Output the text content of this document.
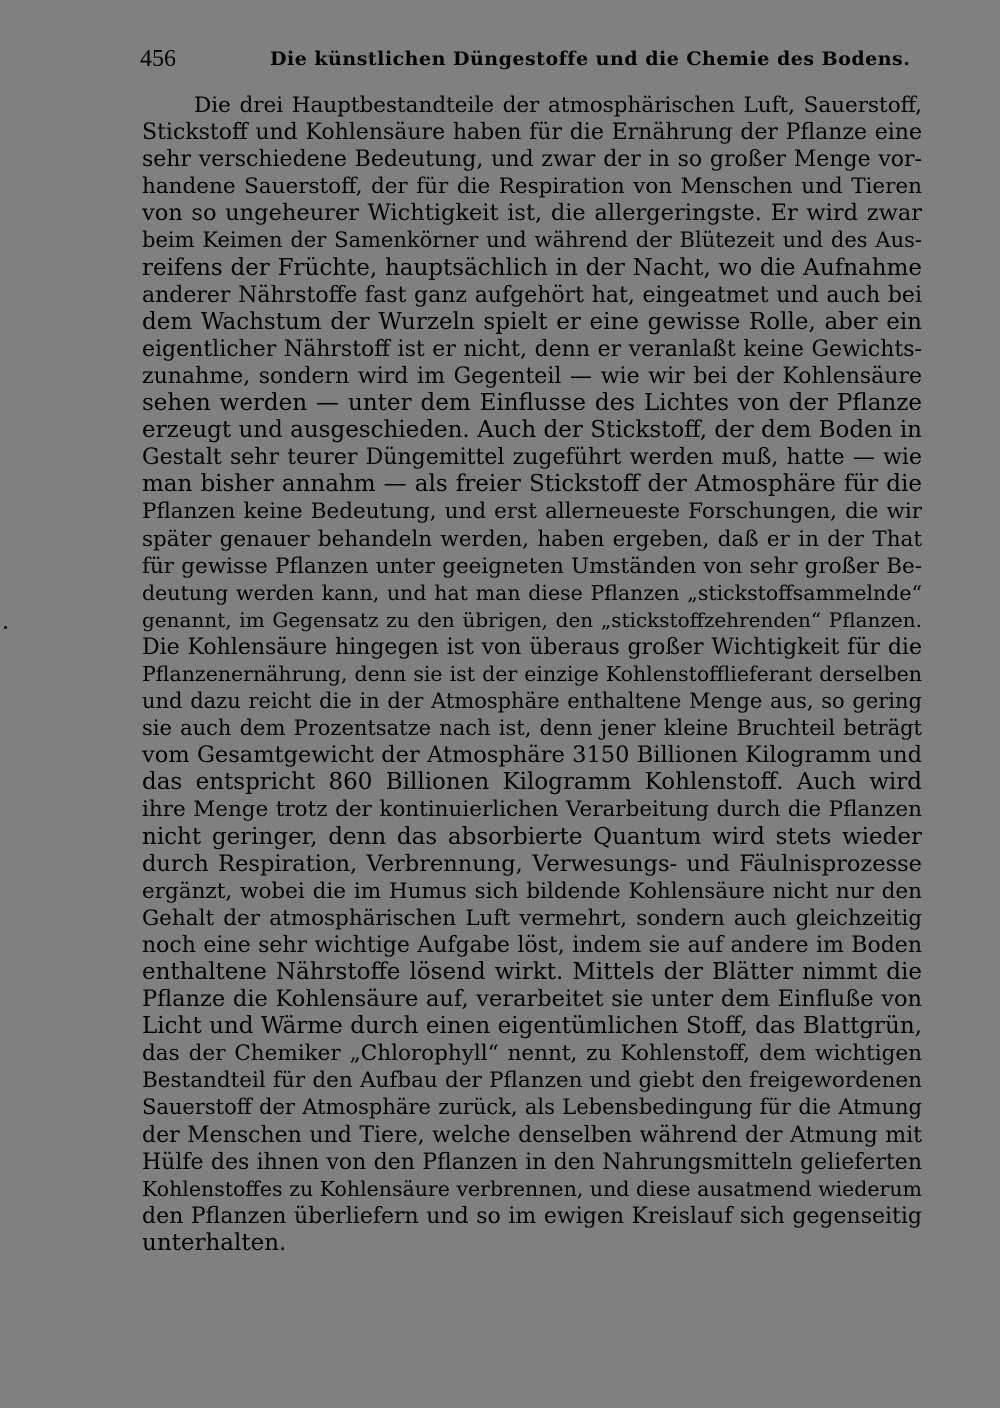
456	Die künstlichen Düngestoffe und die Chemie des Bodens.
Die drei Hauptbestandteile der atmosphärischen Luft, Sauerstoff,
Stickstoff und Kohlensäure haben für die Ernährung der Pflanze eine
sehr verschiedene Bedeutung, und zwar der in so großer Menge vor-
handene Sauerstoff, der für die Respiration von Menschen und Tieren
von so ungeheurer Wichtigkeit ist, die allergeringste. Er wird zwar
beim Keimen der Samenkörner und während der Blütezeit und des Aus-
reifens der Früchte, hauptsächlich in der Nacht, wo die Aufnahme
anderer Nährstoffe fast ganz aufgehört hat, eingeatmet und auch bei
dem Wachstum der Wurzeln spielt er eine gewisse Rolle, aber ein
eigentlicher Nährstoff ist er nicht, denn er veranlaßt keine Gewichts-
zunahme, sondern wird im Gegenteil — wie wir bei der Kohlensäure
sehen werden — unter dem Einflusse des Lichtes von der Pflanze
erzeugt und ausgeschieden. Auch der Stickstoff, der dem Boden in
Gestalt sehr teurer Düngemittel zugeführt werden muß, hatte — wie
man bisher annahm — als freier Stickstoff der Atmosphäre für die
Pflanzen keine Bedeutung, und erst allerneueste Forschungen, die wir
später genauer behandeln werden, haben ergeben, daß er in der That
für gewisse Pflanzen unter geeigneten Umständen von sehr großer Be-
deutung werden kann, und hat man diese Pflanzen „stickstoffsammelnde“
genannt, im Gegensatz zu den übrigen, den „stickstoffzehrenden“ Pflanzen.
Die Kohlensäure hingegen ist von überaus großer Wichtigkeit für die
Pflanzenernährung, denn sie ist der einzige Kohlenstofflieferant derselben
und dazu reicht die in der Atmosphäre enthaltene Menge aus, so gering
sie auch dem Prozentsatze nach ist, denn jener kleine Bruchteil beträgt
vom Gesamtgewicht der Atmosphäre 3150 Billionen Kilogramm und
das entspricht 860 Billionen Kilogramm Kohlenstoff. Auch wird
ihre Menge trotz der kontinuierlichen Verarbeitung durch die Pflanzen
nicht geringer, denn das absorbierte Quantum wird stets wieder
durch Respiration, Verbrennung, Verwesungs- und Fäulnisprozesse
ergänzt, wobei die im Humus sich bildende Kohlensäure nicht nur den
Gehalt der atmosphärischen Luft vermehrt, sondern auch gleichzeitig
noch eine sehr wichtige Aufgabe löst, indem sie auf andere im Boden
enthaltene Nährstoffe lösend wirkt. Mittels der Blätter nimmt die
Pflanze die Kohlensäure auf, verarbeitet sie unter dem Einfluße von
Licht und Wärme durch einen eigentümlichen Stoff, das Blattgrün,
das der Chemiker „Chlorophyll“ nennt, zu Kohlenstoff, dem wichtigen
Bestandteil für den Aufbau der Pflanzen und giebt den freigewordenen
Sauerstoff der Atmosphäre zurück, als Lebensbedingung für die Atmung
der Menschen und Tiere, welche denselben während der Atmung mit
Hülfe des ihnen von den Pflanzen in den Nahrungsmitteln gelieferten
Kohlenstoffes zu Kohlensäure verbrennen, und diese ausatmend wiederum
den Pflanzen überliefern und so im ewigen Kreislauf sich gegenseitig
unterhalten.
